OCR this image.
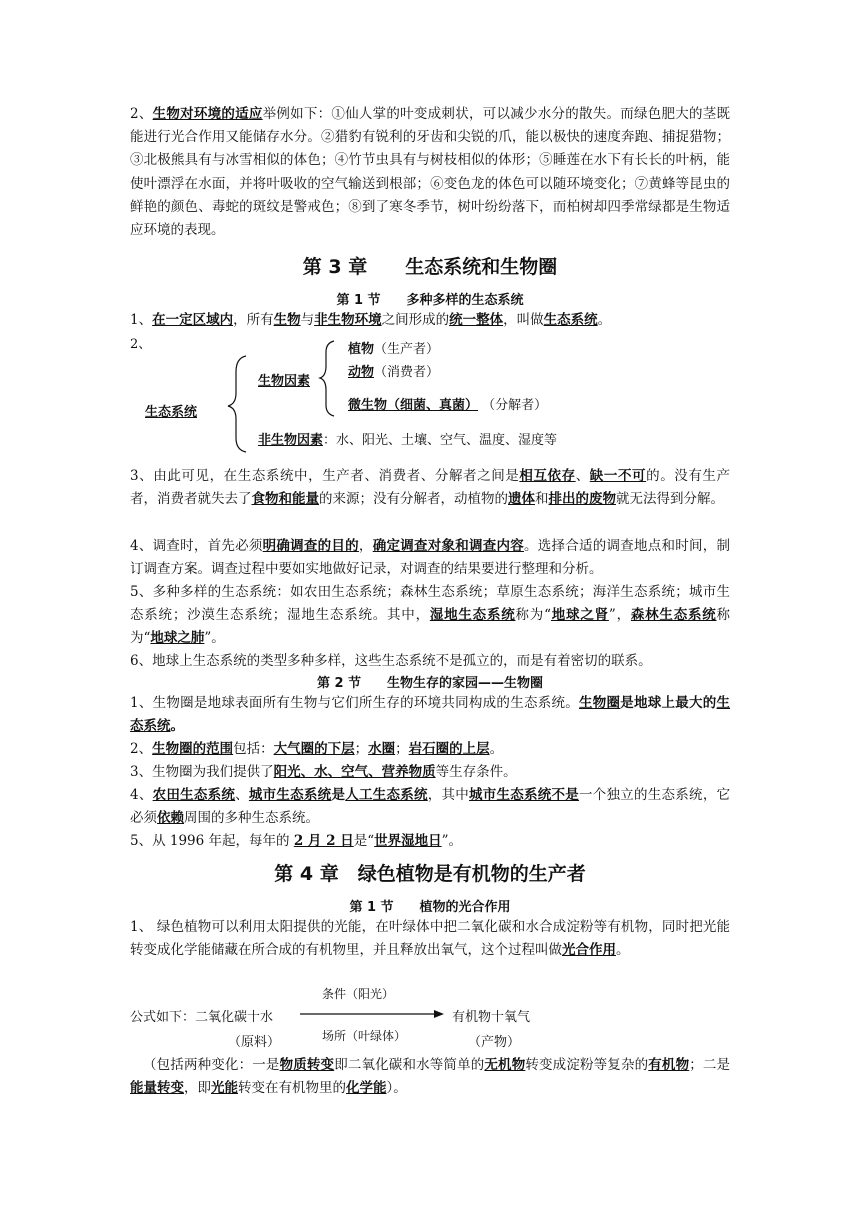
2、生物对环境的适应举例如下：①仙人掌的叶变成刺状，可以减少水分的散失。而绿色肥大的茎既能进行光合作用又能储存水分。②猎豹有锐利的牙齿和尖锐的爪，能以极快的速度奔跑、捕捉猎物；③北极熊具有与冰雪相似的体色；④竹节虫具有与树枝相似的体形；⑤睡莲在水下有长长的叶柄，能使叶漂浮在水面，并将叶吸收的空气输送到根部；⑥变色龙的体色可以随环境变化；⑦黄蜂等昆虫的鲜艳的颜色、毒蛇的斑纹是警戒色；⑧到了寒冬季节，树叶纷纷落下，而柏树却四季常绿都是生物适应环境的表现。
第 3 章　　生态系统和生物圈
第 1 节　　多种多样的生态系统
1、在一定区域内，所有生物与非生物环境之间形成的统一整体，叫做生态系统。
2、
生态系统
生物因素
植物（生产者）
动物（消费者）
微生物（细菌、真菌） （分解者）
非生物因素：水、阳光、土壤、空气、温度、湿度等
3、由此可见，在生态系统中，生产者、消费者、分解者之间是相互依存、缺一不可的。没有生产者，消费者就失去了食物和能量的来源；没有分解者，动植物的遗体和排出的废物就无法得到分解。
4、调查时，首先必须明确调查的目的，确定调查对象和调查内容。选择合适的调查地点和时间，制订调查方案。调查过程中要如实地做好记录，对调查的结果要进行整理和分析。
5、多种多样的生态系统：如农田生态系统；森林生态系统；草原生态系统；海洋生态系统；城市生态系统；沙漠生态系统；湿地生态系统。其中，湿地生态系统称为“地球之肾”，森林生态系统称为“地球之肺”。
6、地球上生态系统的类型多种多样，这些生态系统不是孤立的，而是有着密切的联系。
第 2 节　　生物生存的家园——生物圈
1、生物圈是地球表面所有生物与它们所生存的环境共同构成的生态系统。生物圈是地球上最大的生态系统。
2、生物圈的范围包括：大气圈的下层；水圈；岩石圈的上层。
3、生物圈为我们提供了阳光、水、空气、营养物质等生存条件。
4、农田生态系统、城市生态系统是人工生态系统，其中城市生态系统不是一个独立的生态系统，它必须依赖周围的多种生态系统。
5、从 1996 年起，每年的 2 月 2 日是“世界湿地日”。
第 4 章　绿色植物是有机物的生产者
第 1 节　　植物的光合作用
1、 绿色植物可以利用太阳提供的光能，在叶绿体中把二氧化碳和水合成淀粉等有机物，同时把光能转变成化学能储藏在所合成的有机物里，并且释放出氧气，这个过程叫做光合作用。
条件（阳光）
公式如下：二氧化碳十水	有机物十氧气
场所（叶绿体）
（原料）	（产物）
（包括两种变化：一是物质转变即二氧化碳和水等简单的无机物转变成淀粉等复杂的有机物；二是能量转变，即光能转变在有机物里的化学能）。
